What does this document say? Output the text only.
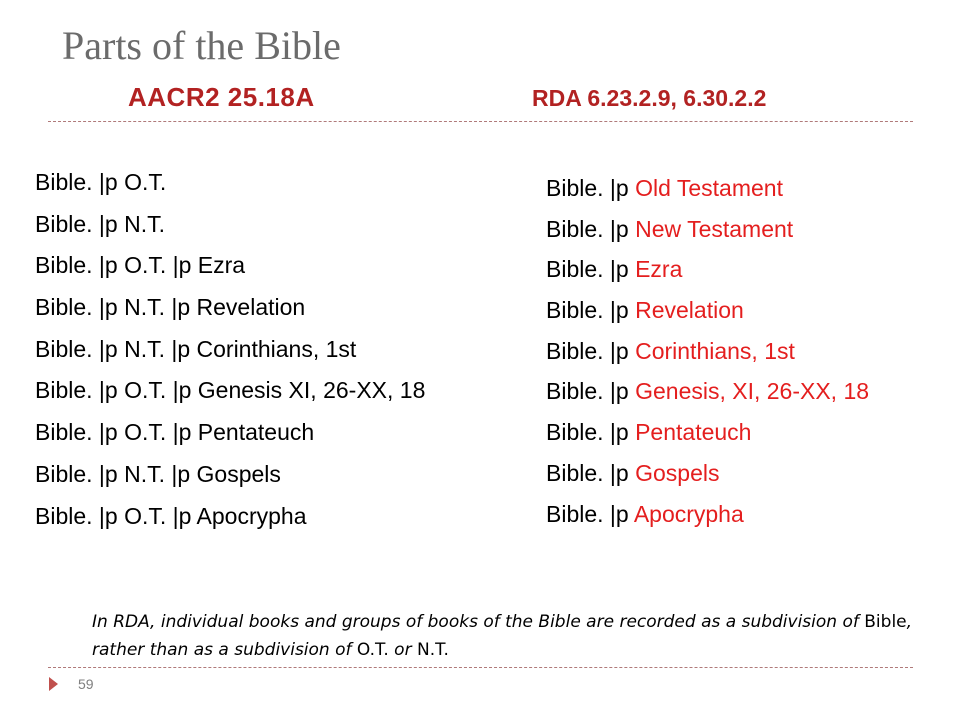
Parts of the Bible
AACR2 25.18A	RDA 6.23.2.9, 6.30.2.2
Bible. |p O.T.
Bible. |p N.T.
Bible. |p O.T. |p Ezra
Bible. |p N.T. |p Revelation
Bible. |p N.T. |p Corinthians, 1st
Bible. |p O.T. |p Genesis XI, 26-XX, 18
Bible. |p O.T. |p Pentateuch
Bible. |p N.T. |p Gospels
Bible. |p O.T. |p Apocrypha
Bible. |p Old Testament
Bible. |p New Testament
Bible. |p Ezra
Bible. |p Revelation
Bible. |p Corinthians, 1st
Bible. |p Genesis, XI, 26-XX, 18
Bible. |p Pentateuch
Bible. |p Gospels
Bible. |p Apocrypha
In RDA, individual books and groups of books of the Bible are recorded as a subdivision of Bible, rather than as a subdivision of O.T. or N.T.
59
